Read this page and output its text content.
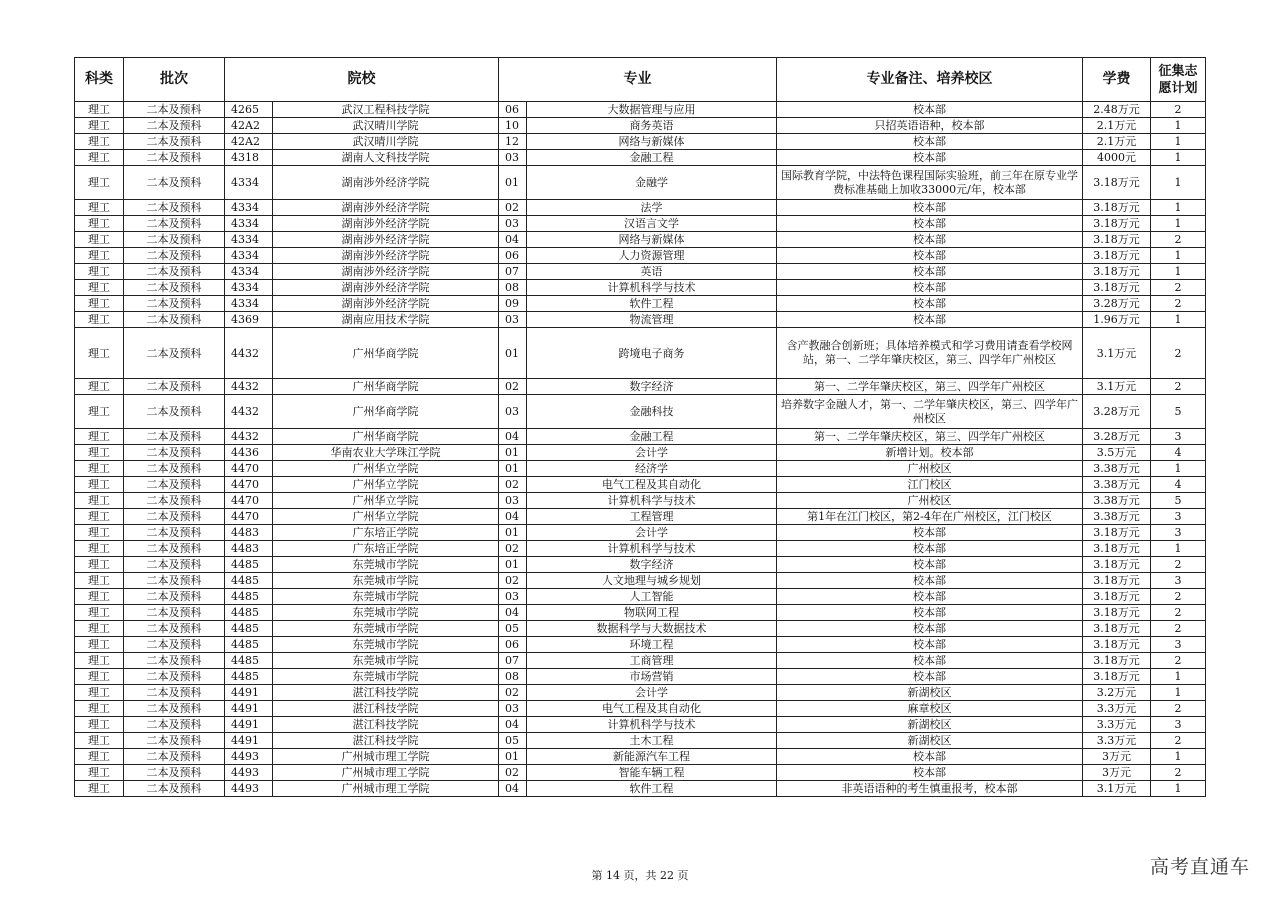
科类	批次	院校		专业		专业备注、培养校区	学费	征集志愿计划
理工	二本及预科	4265	武汉工程科技学院	06	大数据管理与应用	校本部	2.48万元	2
理工	二本及预科	42A2	武汉晴川学院	10	商务英语	只招英语语种，校本部	2.1万元	1
理工	二本及预科	42A2	武汉晴川学院	12	网络与新媒体	校本部	2.1万元	1
理工	二本及预科	4318	湖南人文科技学院	03	金融工程	校本部	4000元	1
理工	二本及预科	4334	湖南涉外经济学院	01	金融学	国际教育学院，中法特色课程国际实验班，前三年在原专业学费标准基础上加收33000元/年，校本部	3.18万元	1
理工	二本及预科	4334	湖南涉外经济学院	02	法学	校本部	3.18万元	1
理工	二本及预科	4334	湖南涉外经济学院	03	汉语言文学	校本部	3.18万元	1
理工	二本及预科	4334	湖南涉外经济学院	04	网络与新媒体	校本部	3.18万元	2
理工	二本及预科	4334	湖南涉外经济学院	06	人力资源管理	校本部	3.18万元	1
理工	二本及预科	4334	湖南涉外经济学院	07	英语	校本部	3.18万元	1
理工	二本及预科	4334	湖南涉外经济学院	08	计算机科学与技术	校本部	3.18万元	2
理工	二本及预科	4334	湖南涉外经济学院	09	软件工程	校本部	3.28万元	2
理工	二本及预科	4369	湖南应用技术学院	03	物流管理	校本部	1.96万元	1
理工	二本及预科	4432	广州华商学院	01	跨境电子商务	含产教融合创新班；具体培养模式和学习费用请查看学校网站，第一、二学年肇庆校区，第三、四学年广州校区	3.1万元	2
理工	二本及预科	4432	广州华商学院	02	数字经济	第一、二学年肇庆校区，第三、四学年广州校区	3.1万元	2
理工	二本及预科	4432	广州华商学院	03	金融科技	培养数字金融人才，第一、二学年肇庆校区，第三、四学年广州校区	3.28万元	5
理工	二本及预科	4432	广州华商学院	04	金融工程	第一、二学年肇庆校区，第三、四学年广州校区	3.28万元	3
理工	二本及预科	4436	华南农业大学珠江学院	01	会计学	新增计划。校本部	3.5万元	4
理工	二本及预科	4470	广州华立学院	01	经济学	广州校区	3.38万元	1
理工	二本及预科	4470	广州华立学院	02	电气工程及其自动化	江门校区	3.38万元	4
理工	二本及预科	4470	广州华立学院	03	计算机科学与技术	广州校区	3.38万元	5
理工	二本及预科	4470	广州华立学院	04	工程管理	第1年在江门校区，第2-4年在广州校区，江门校区	3.38万元	3
理工	二本及预科	4483	广东培正学院	01	会计学	校本部	3.18万元	3
理工	二本及预科	4483	广东培正学院	02	计算机科学与技术	校本部	3.18万元	1
理工	二本及预科	4485	东莞城市学院	01	数字经济	校本部	3.18万元	2
理工	二本及预科	4485	东莞城市学院	02	人文地理与城乡规划	校本部	3.18万元	3
理工	二本及预科	4485	东莞城市学院	03	人工智能	校本部	3.18万元	2
理工	二本及预科	4485	东莞城市学院	04	物联网工程	校本部	3.18万元	2
理工	二本及预科	4485	东莞城市学院	05	数据科学与大数据技术	校本部	3.18万元	2
理工	二本及预科	4485	东莞城市学院	06	环境工程	校本部	3.18万元	3
理工	二本及预科	4485	东莞城市学院	07	工商管理	校本部	3.18万元	2
理工	二本及预科	4485	东莞城市学院	08	市场营销	校本部	3.18万元	1
理工	二本及预科	4491	湛江科技学院	02	会计学	新湖校区	3.2万元	1
理工	二本及预科	4491	湛江科技学院	03	电气工程及其自动化	麻章校区	3.3万元	2
理工	二本及预科	4491	湛江科技学院	04	计算机科学与技术	新湖校区	3.3万元	3
理工	二本及预科	4491	湛江科技学院	05	土木工程	新湖校区	3.3万元	2
理工	二本及预科	4493	广州城市理工学院	01	新能源汽车工程	校本部	3万元	1
理工	二本及预科	4493	广州城市理工学院	02	智能车辆工程	校本部	3万元	2
理工	二本及预科	4493	广州城市理工学院	04	软件工程	非英语语种的考生慎重报考，校本部	3.1万元	1
第 14 页，共 22 页	高考直通车
